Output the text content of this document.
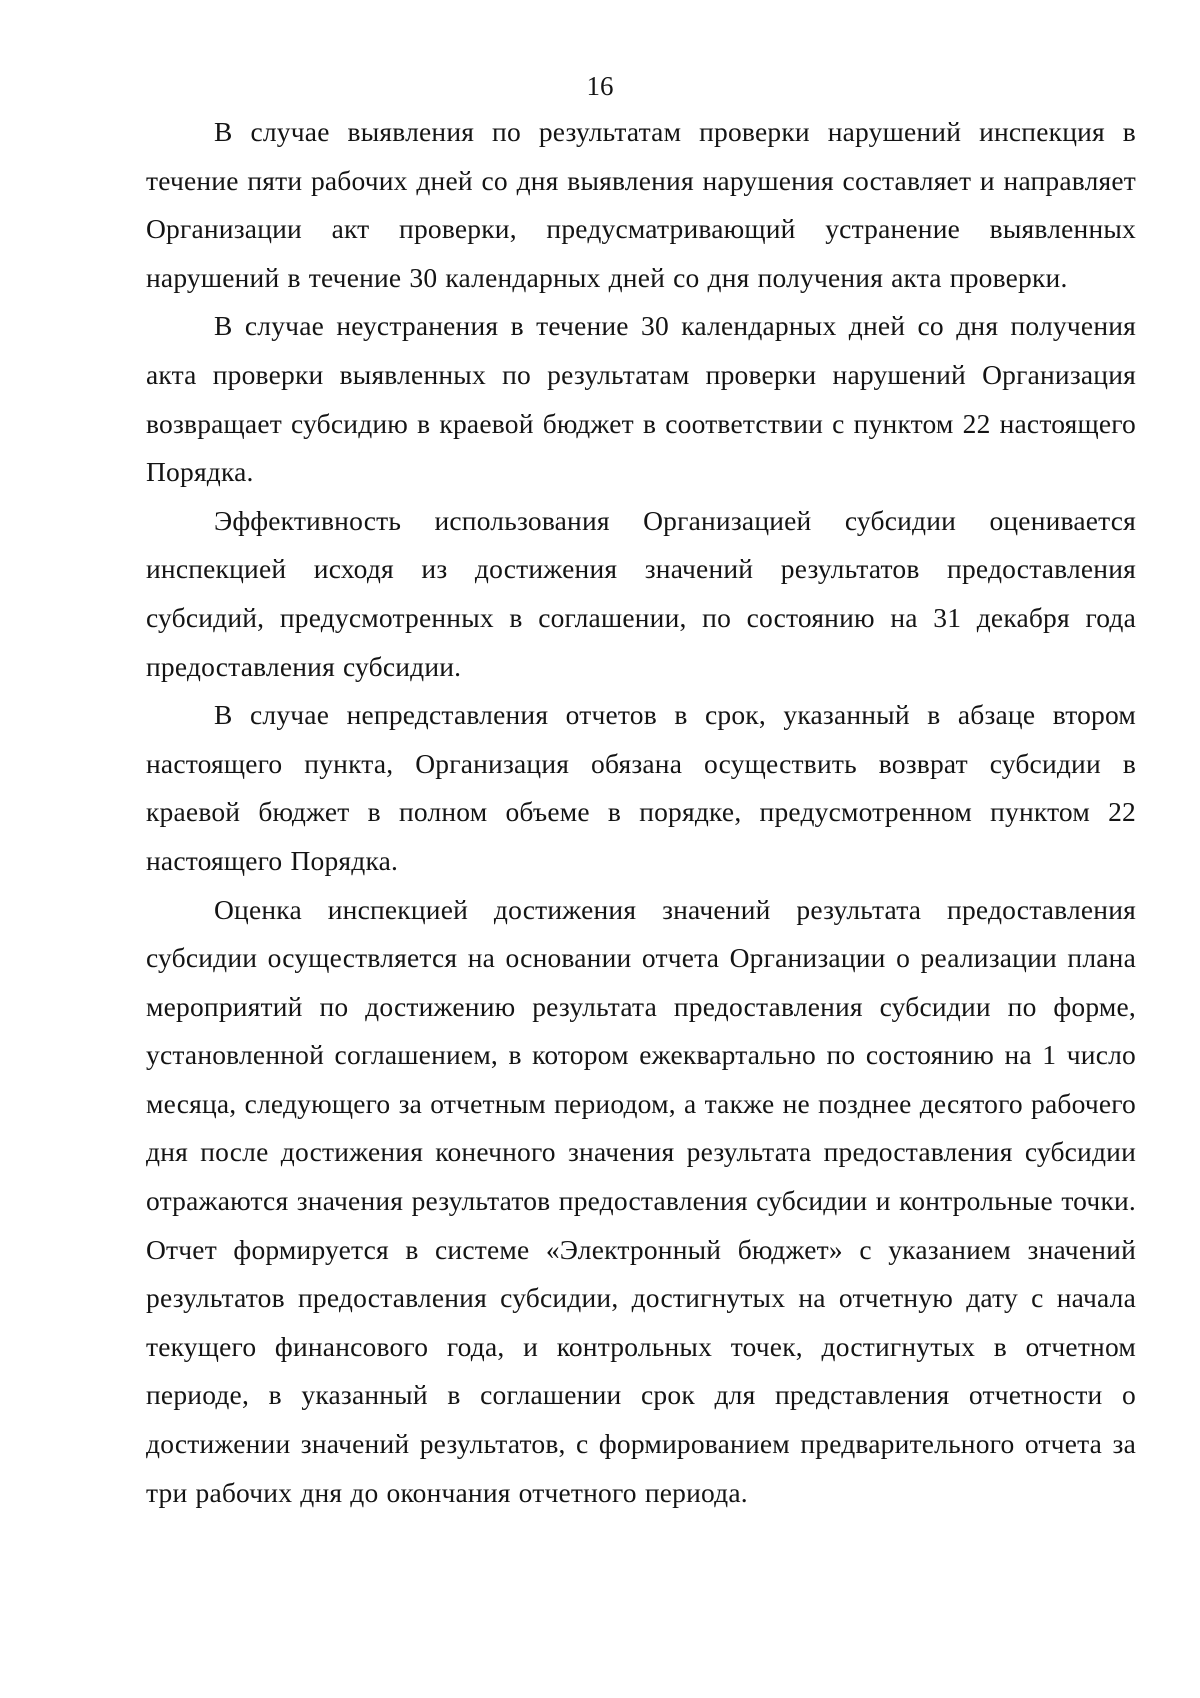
16

В случае выявления по результатам проверки нарушений инспекция в течение пяти рабочих дней со дня выявления нарушения составляет и направляет Организации акт проверки, предусматривающий устранение выявленных нарушений в течение 30 календарных дней со дня получения акта проверки.

В случае неустранения в течение 30 календарных дней со дня получения акта проверки выявленных по результатам проверки нарушений Организация возвращает субсидию в краевой бюджет в соответствии с пунктом 22 настоящего Порядка.

Эффективность использования Организацией субсидии оценивается инспекцией исходя из достижения значений результатов предоставления субсидий, предусмотренных в соглашении, по состоянию на 31 декабря года предоставления субсидии.

В случае непредставления отчетов в срок, указанный в абзаце втором настоящего пункта, Организация обязана осуществить возврат субсидии в краевой бюджет в полном объеме в порядке, предусмотренном пунктом 22 настоящего Порядка.

Оценка инспекцией достижения значений результата предоставления субсидии осуществляется на основании отчета Организации о реализации плана мероприятий по достижению результата предоставления субсидии по форме, установленной соглашением, в котором ежеквартально по состоянию на 1 число месяца, следующего за отчетным периодом, а также не позднее десятого рабочего дня после достижения конечного значения результата предоставления субсидии отражаются значения результатов предоставления субсидии и контрольные точки. Отчет формируется в системе «Электронный бюджет» с указанием значений результатов предоставления субсидии, достигнутых на отчетную дату с начала текущего финансового года, и контрольных точек, достигнутых в отчетном периоде, в указанный в соглашении срок для представления отчетности о достижении значений результатов, с формированием предварительного отчета за три рабочих дня до окончания отчетного периода.
